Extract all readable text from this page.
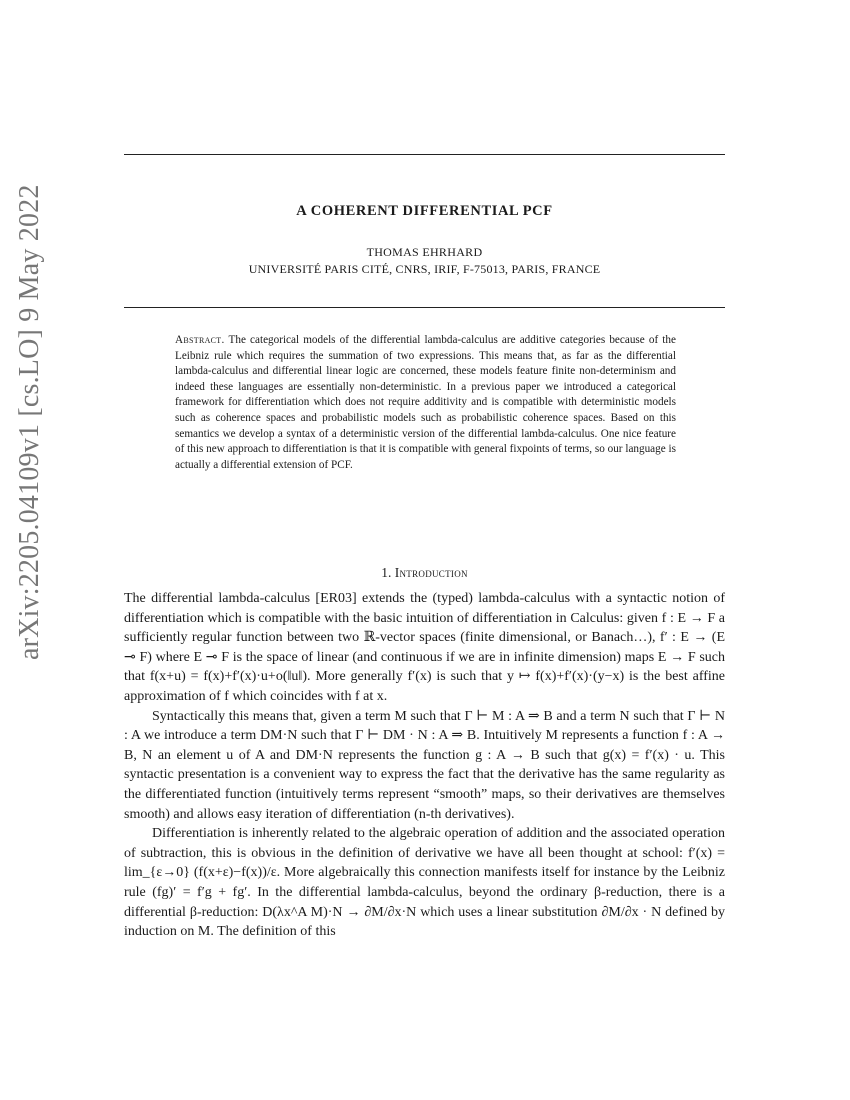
arXiv:2205.04109v1 [cs.LO] 9 May 2022	A COHERENT DIFFERENTIAL PCF
THOMAS EHRHARD
UNIVERSITÉ PARIS CITÉ, CNRS, IRIF, F-75013, PARIS, FRANCE
Abstract. The categorical models of the differential lambda-calculus are additive categories because of the Leibniz rule which requires the summation of two expressions. This means that, as far as the differential lambda-calculus and differential linear logic are concerned, these models feature finite non-determinism and indeed these languages are essentially non-deterministic. In a previous paper we introduced a categorical framework for differentiation which does not require additivity and is compatible with deterministic models such as coherence spaces and probabilistic models such as probabilistic coherence spaces. Based on this semantics we develop a syntax of a deterministic version of the differential lambda-calculus. One nice feature of this new approach to differentiation is that it is compatible with general fixpoints of terms, so our language is actually a differential extension of PCF.
1. Introduction

The differential lambda-calculus [ER03] extends the (typed) lambda-calculus with a syntactic notion of differentiation which is compatible with the basic intuition of differentiation in Calculus: given f : E → F a sufficiently regular function between two ℝ-vector spaces (finite dimensional, or Banach…), f′ : E → (E ⊸ F) where E ⊸ F is the space of linear (and continuous if we are in infinite dimension) maps E → F such that f(x+u) = f(x)+f′(x)·u+o(‖u‖). More generally f′(x) is such that y ↦ f(x)+f′(x)·(y−x) is the best affine approximation of f which coincides with f at x.

Syntactically this means that, given a term M such that Γ ⊢ M : A ⇒ B and a term N such that Γ ⊢ N : A we introduce a term DM·N such that Γ ⊢ DM · N : A ⇒ B. Intuitively M represents a function f : A → B, N an element u of A and DM·N represents the function g : A → B such that g(x) = f′(x) · u. This syntactic presentation is a convenient way to express the fact that the derivative has the same regularity as the differentiated function (intuitively terms represent “smooth” maps, so their derivatives are themselves smooth) and allows easy iteration of differentiation (n-th derivatives).

Differentiation is inherently related to the algebraic operation of addition and the associated operation of subtraction, this is obvious in the definition of derivative we have all been thought at school: f′(x) = lim_{ε→0} (f(x+ε)−f(x))/ε. More algebraically this connection manifests itself for instance by the Leibniz rule (fg)′ = f′g + fg′. In the differential lambda-calculus, beyond the ordinary β-reduction, there is a differential β-reduction: D(λx^A M)·N → ∂M/∂x·N which uses a linear substitution ∂M/∂x · N defined by induction on M. The definition of this
